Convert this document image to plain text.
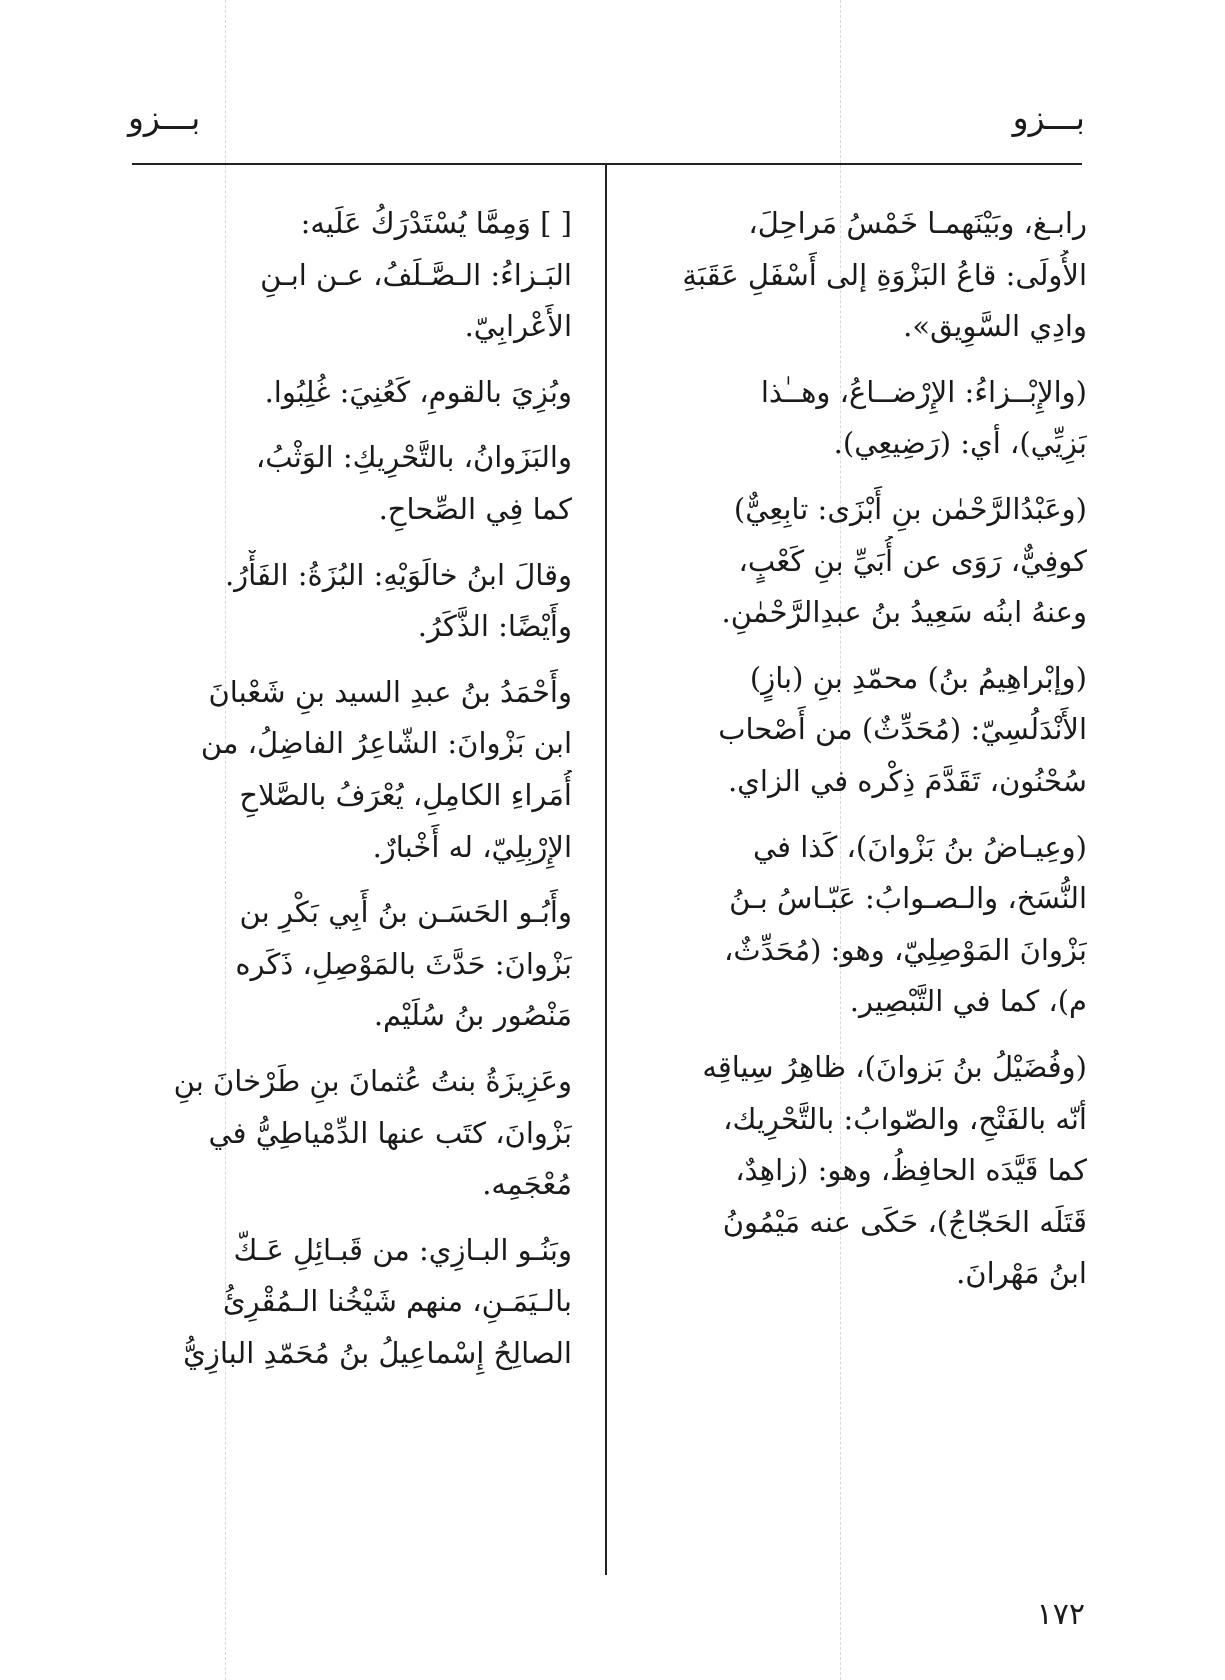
بـــزو
بـــزو

رابـغ، وبَيْنَهمـا خَمْسُ مَراحِلَ،
الأُولَى: قاعُ البَزْوَةِ إلى أَسْفَلِ عَقَبَةِ
وادِي السَّوِيق».

(والإِبْــزاءُ: الإِرْضــاعُ، وهــٰذا
بَزِيِّي)، أي: (رَضِيعِي).

(وعَبْدُالرَّحْمٰن بنِ أَبْزَى: تابِعِيٌّ)
كوفِيٌّ، رَوَى عن أُبَيِّ بنِ كَعْبٍ،
وعنهُ ابنُه سَعِيدُ بنُ عبدِالرَّحْمٰنِ.

(وإبْراهِيمُ بنُ) محمّدِ بنِ (بازٍ)
الأَنْدَلُسِيّ: (مُحَدِّثٌ) من أَصْحاب
سُحْنُون، تَقَدَّمَ ذِكْره في الزاي.

(وعِيـاضُ بنُ بَزْوانَ)، كَذا في
النُّسَخ، والـصـوابُ: عَبّـاسُ بـنُ
بَزْوانَ المَوْصِلِيّ، وهو: (مُحَدِّثٌ،
م)، كما في التَّبْصِير.

(وفُضَيْلُ بنُ بَزوانَ)، ظاهِرُ سِياقِه
أنّه بالفَتْحِ، والصّوابُ: بالتَّحْرِيك،
كما قَيَّدَه الحافِظُ، وهو: (زاهِدٌ،
قَتَلَه الحَجّاجُ)، حَكَى عنه مَيْمُونُ
ابنُ مَهْرانَ.

[ ] وَمِمَّا يُسْتَدْرَكُ عَلَيه:
البَـزاءُ: الـصَّـلَفُ، عـن ابـنِ
الأَعْرابِيّ.

وبُزِيَ بالقومِ، كَعُنِيَ: غُلِبُوا.

والبَزَوانُ، بالتَّحْرِيكِ: الوَثْبُ،
كما فِي الصِّحاحِ.

وقالَ ابنُ خالَوَيْهِ: البُزَةُ: الفَأْرُ.
وأَيْضًا: الذَّكَرُ.

وأَحْمَدُ بنُ عبدِ السيد بنِ شَعْبانَ
ابن بَزْوانَ: الشّاعِرُ الفاضِلُ، من
أُمَراءِ الكامِلِ، يُعْرَفُ بالصَّلاحِ
الإِرْبِلِيّ، له أَخْبارٌ.

وأَبُـو الحَسَـن بنُ أَبِي بَكْرِ بن
بَزْوانَ: حَدَّثَ بالمَوْصِلِ، ذَكَره
مَنْصُور بنُ سُلَيْم.

وعَزِيزَةُ بنتُ عُثمانَ بنِ طَرْخانَ بنِ
بَزْوانَ، كتَب عنها الدِّمْياطِيُّ في
مُعْجَمِه.

وبَنُـو البـازِي: من قَبـائِلِ عَـكّ
بالـيَمَـنِ، منهم شَيْخُنا الـمُقْرِئُ
الصالِحُ إِسْماعِيلُ بنُ مُحَمّدِ البازِيُّ

١٧٢
